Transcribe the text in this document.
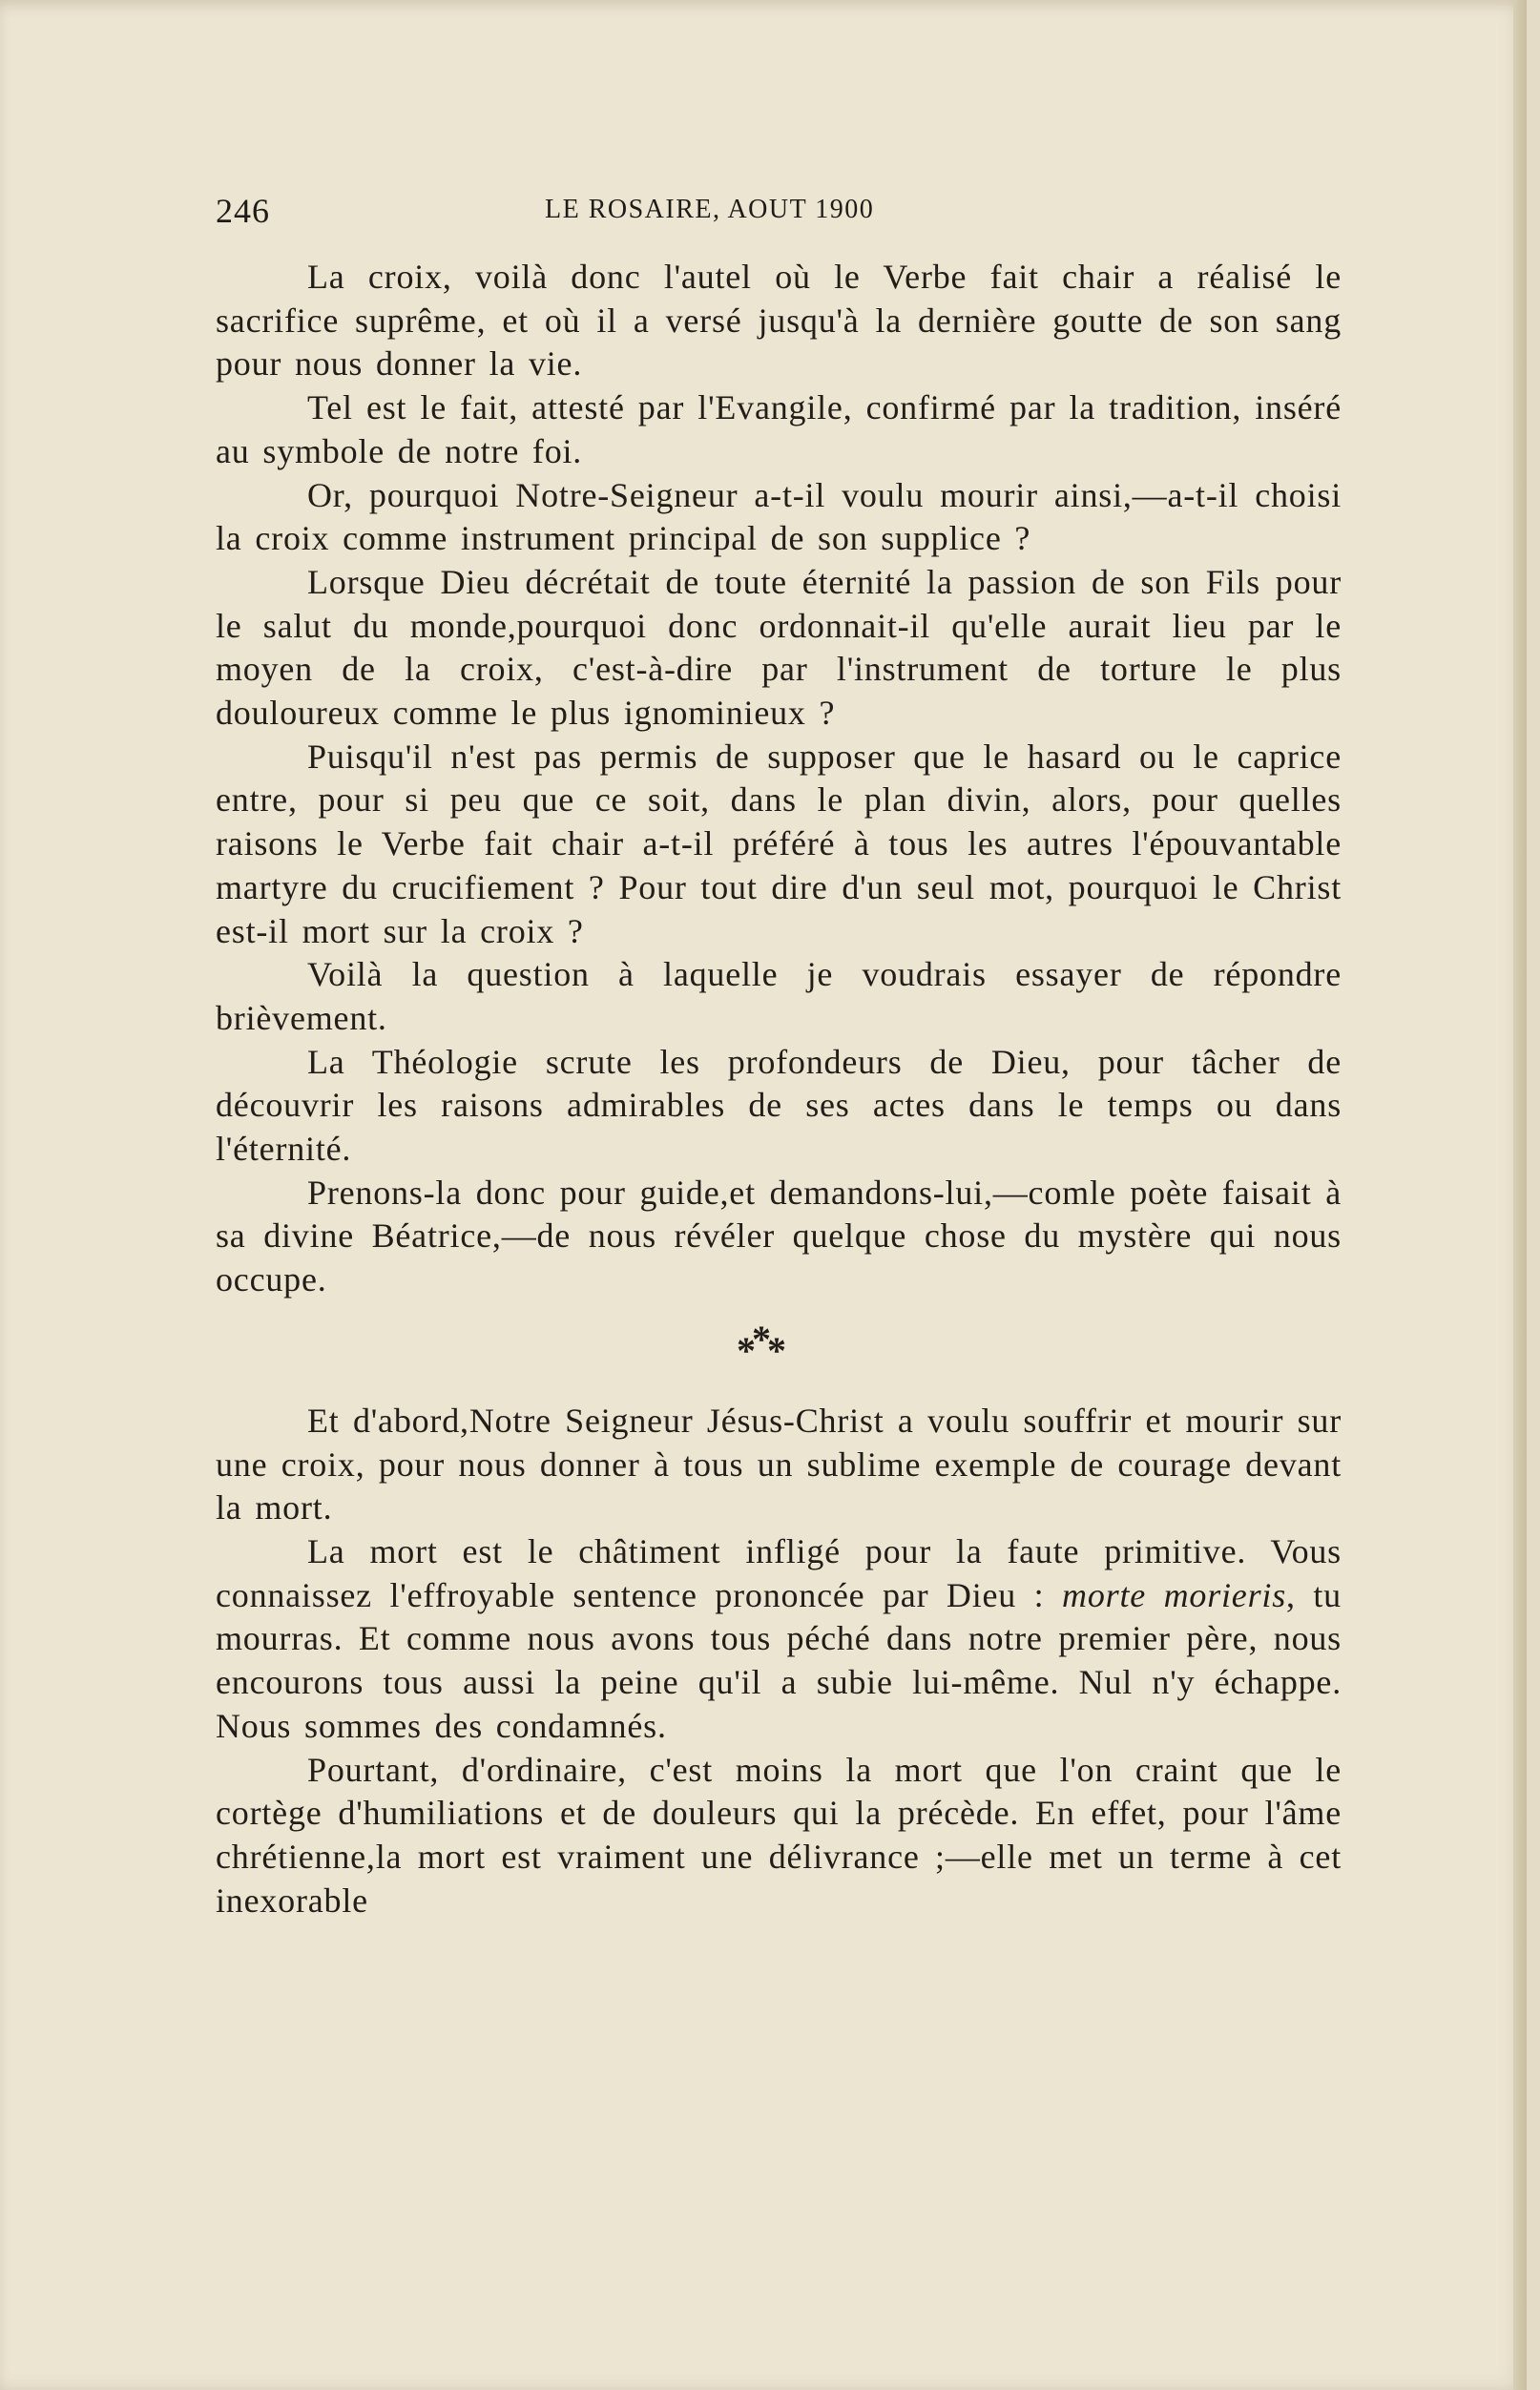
246	LE ROSAIRE, AOUT 1900

La croix, voilà donc l'autel où le Verbe fait chair a réalisé le sacrifice suprême, et où il a versé jusqu'à la dernière goutte de son sang pour nous donner la vie.

Tel est le fait, attesté par l'Evangile, confirmé par la tradition, inséré au symbole de notre foi.

Or, pourquoi Notre-Seigneur a-t-il voulu mourir ainsi,—a-t-il choisi la croix comme instrument principal de son supplice ?

Lorsque Dieu décrétait de toute éternité la passion de son Fils pour le salut du monde,pourquoi donc ordonnait-il qu'elle aurait lieu par le moyen de la croix, c'est-à-dire par l'instrument de torture le plus douloureux comme le plus ignominieux ?

Puisqu'il n'est pas permis de supposer que le hasard ou le caprice entre, pour si peu que ce soit, dans le plan divin, alors, pour quelles raisons le Verbe fait chair a-t-il préféré à tous les autres l'épouvantable martyre du crucifiement ? Pour tout dire d'un seul mot, pourquoi le Christ est-il mort sur la croix ?

Voilà la question à laquelle je voudrais essayer de répondre brièvement.

La Théologie scrute les profondeurs de Dieu, pour tâcher de découvrir les raisons admirables de ses actes dans le temps ou dans l'éternité.

Prenons-la donc pour guide,et demandons-lui,—comle poète faisait à sa divine Béatrice,—de nous révéler quelque chose du mystère qui nous occupe.

***

Et d'abord,Notre Seigneur Jésus-Christ a voulu souffrir et mourir sur une croix, pour nous donner à tous un sublime exemple de courage devant la mort.

La mort est le châtiment infligé pour la faute primitive. Vous connaissez l'effroyable sentence prononcée par Dieu : morte morieris, tu mourras. Et comme nous avons tous péché dans notre premier père, nous encourons tous aussi la peine qu'il a subie lui-même. Nul n'y échappe. Nous sommes des condamnés.

Pourtant, d'ordinaire, c'est moins la mort que l'on craint que le cortège d'humiliations et de douleurs qui la précède. En effet, pour l'âme chrétienne,la mort est vraiment une délivrance ;—elle met un terme à cet inexorable
